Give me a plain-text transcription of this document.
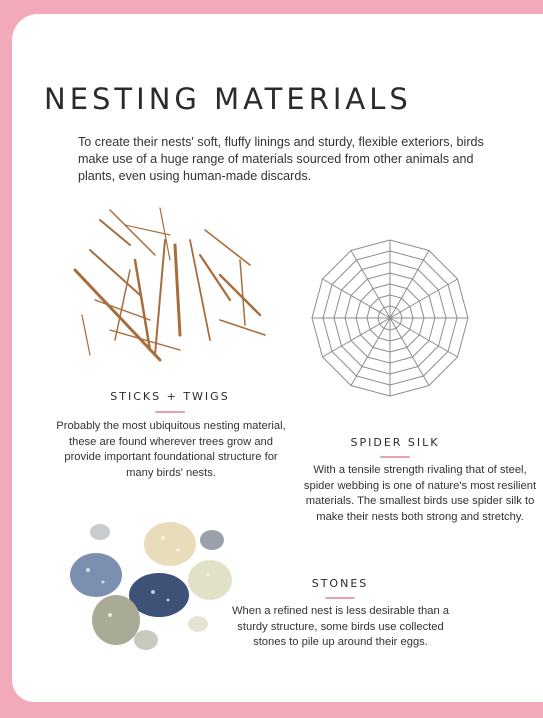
NESTING MATERIALS

To create their nests' soft, fluffy linings and sturdy, flexible exteriors, birds make use of a huge range of materials sourced from other animals and plants, even using human-made discards.

STICKS + TWIGS

Probably the most ubiquitous nesting material, these are found wherever trees grow and provide important foundational structure for many birds' nests.

SPIDER SILK

With a tensile strength rivaling that of steel, spider webbing is one of nature's most resilient materials. The smallest birds use spider silk to make their nests both strong and stretchy.

STONES

When a refined nest is less desirable than a sturdy structure, some birds use collected stones to pile up around their eggs.
